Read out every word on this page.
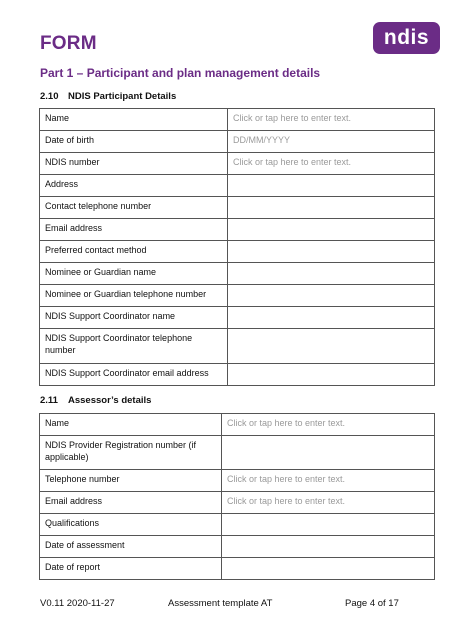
FORM	ndis
Part 1 – Participant and plan management details
2.10 NDIS Participant Details
Name	Click or tap here to enter text.
Date of birth	DD/MM/YYYY
NDIS number	Click or tap here to enter text.
Address	
Contact telephone number	
Email address	
Preferred contact method	
Nominee or Guardian name	
Nominee or Guardian telephone number	
NDIS Support Coordinator name	
NDIS Support Coordinator telephone number	
NDIS Support Coordinator email address	
2.11 Assessor’s details
Name	Click or tap here to enter text.
NDIS Provider Registration number (if applicable)	
Telephone number	Click or tap here to enter text.
Email address	Click or tap here to enter text.
Qualifications	
Date of assessment	
Date of report	
V0.11 2020-11-27	Assessment template AT	Page 4 of 17
